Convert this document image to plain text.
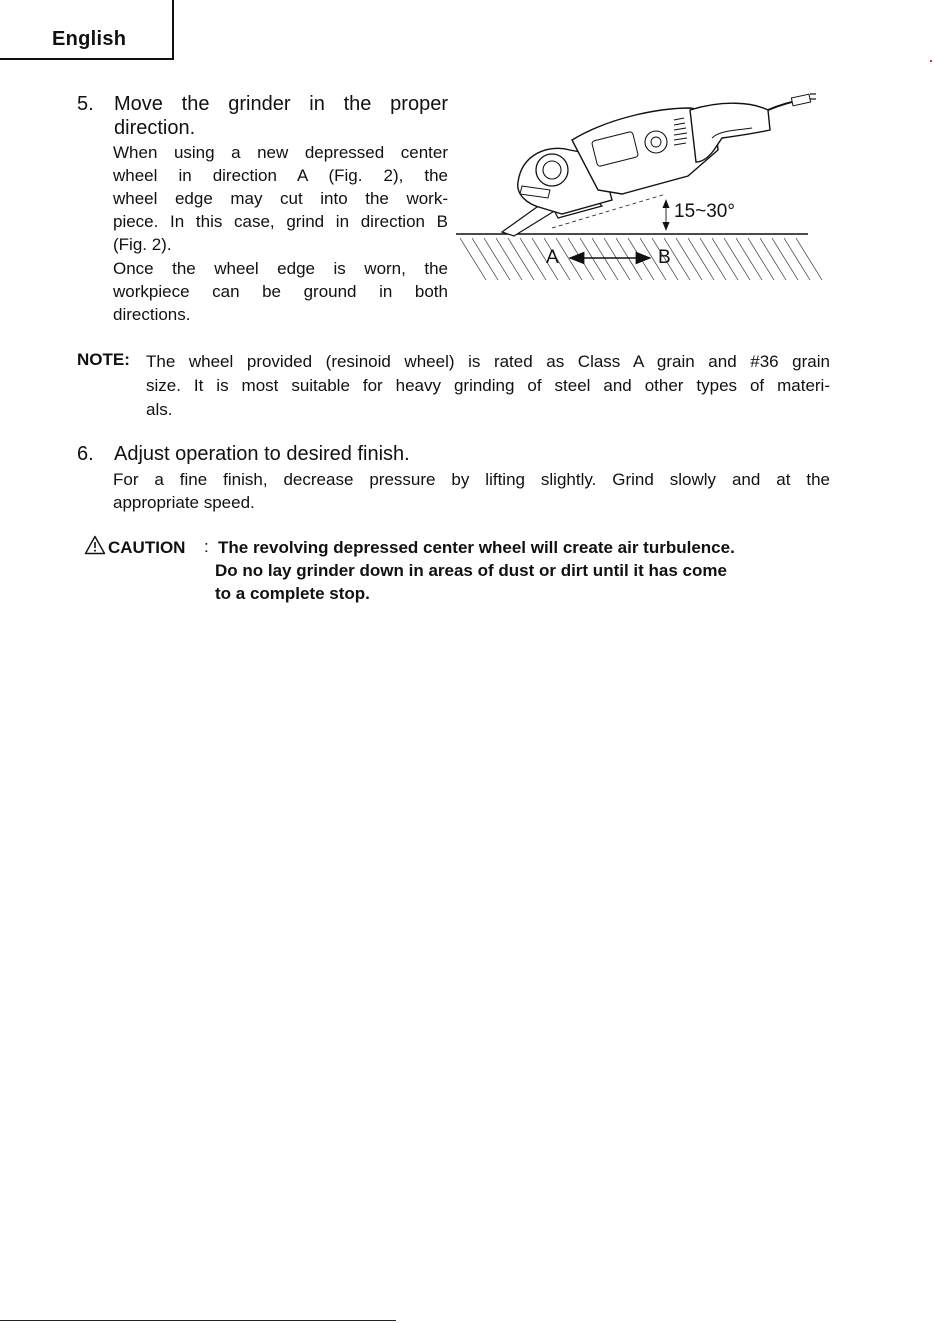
English
5. Move the grinder in the proper
direction.
When using a new depressed center
wheel in direction A (Fig. 2), the
wheel edge may cut into the work-
piece. In this case, grind in direction B
(Fig. 2).
Once the wheel edge is worn, the
workpiece can be ground in both
directions.
15~30°
A	B
NOTE: The wheel provided (resinoid wheel) is rated as Class A grain and #36 grain
size. It is most suitable for heavy grinding of steel and other types of materi-
als.
6. Adjust operation to desired finish.
For a fine finish, decrease pressure by lifting slightly. Grind slowly and at the
appropriate speed.
CAUTION : The revolving depressed center wheel will create air turbulence.
Do no lay grinder down in areas of dust or dirt until it has come
to a complete stop.
